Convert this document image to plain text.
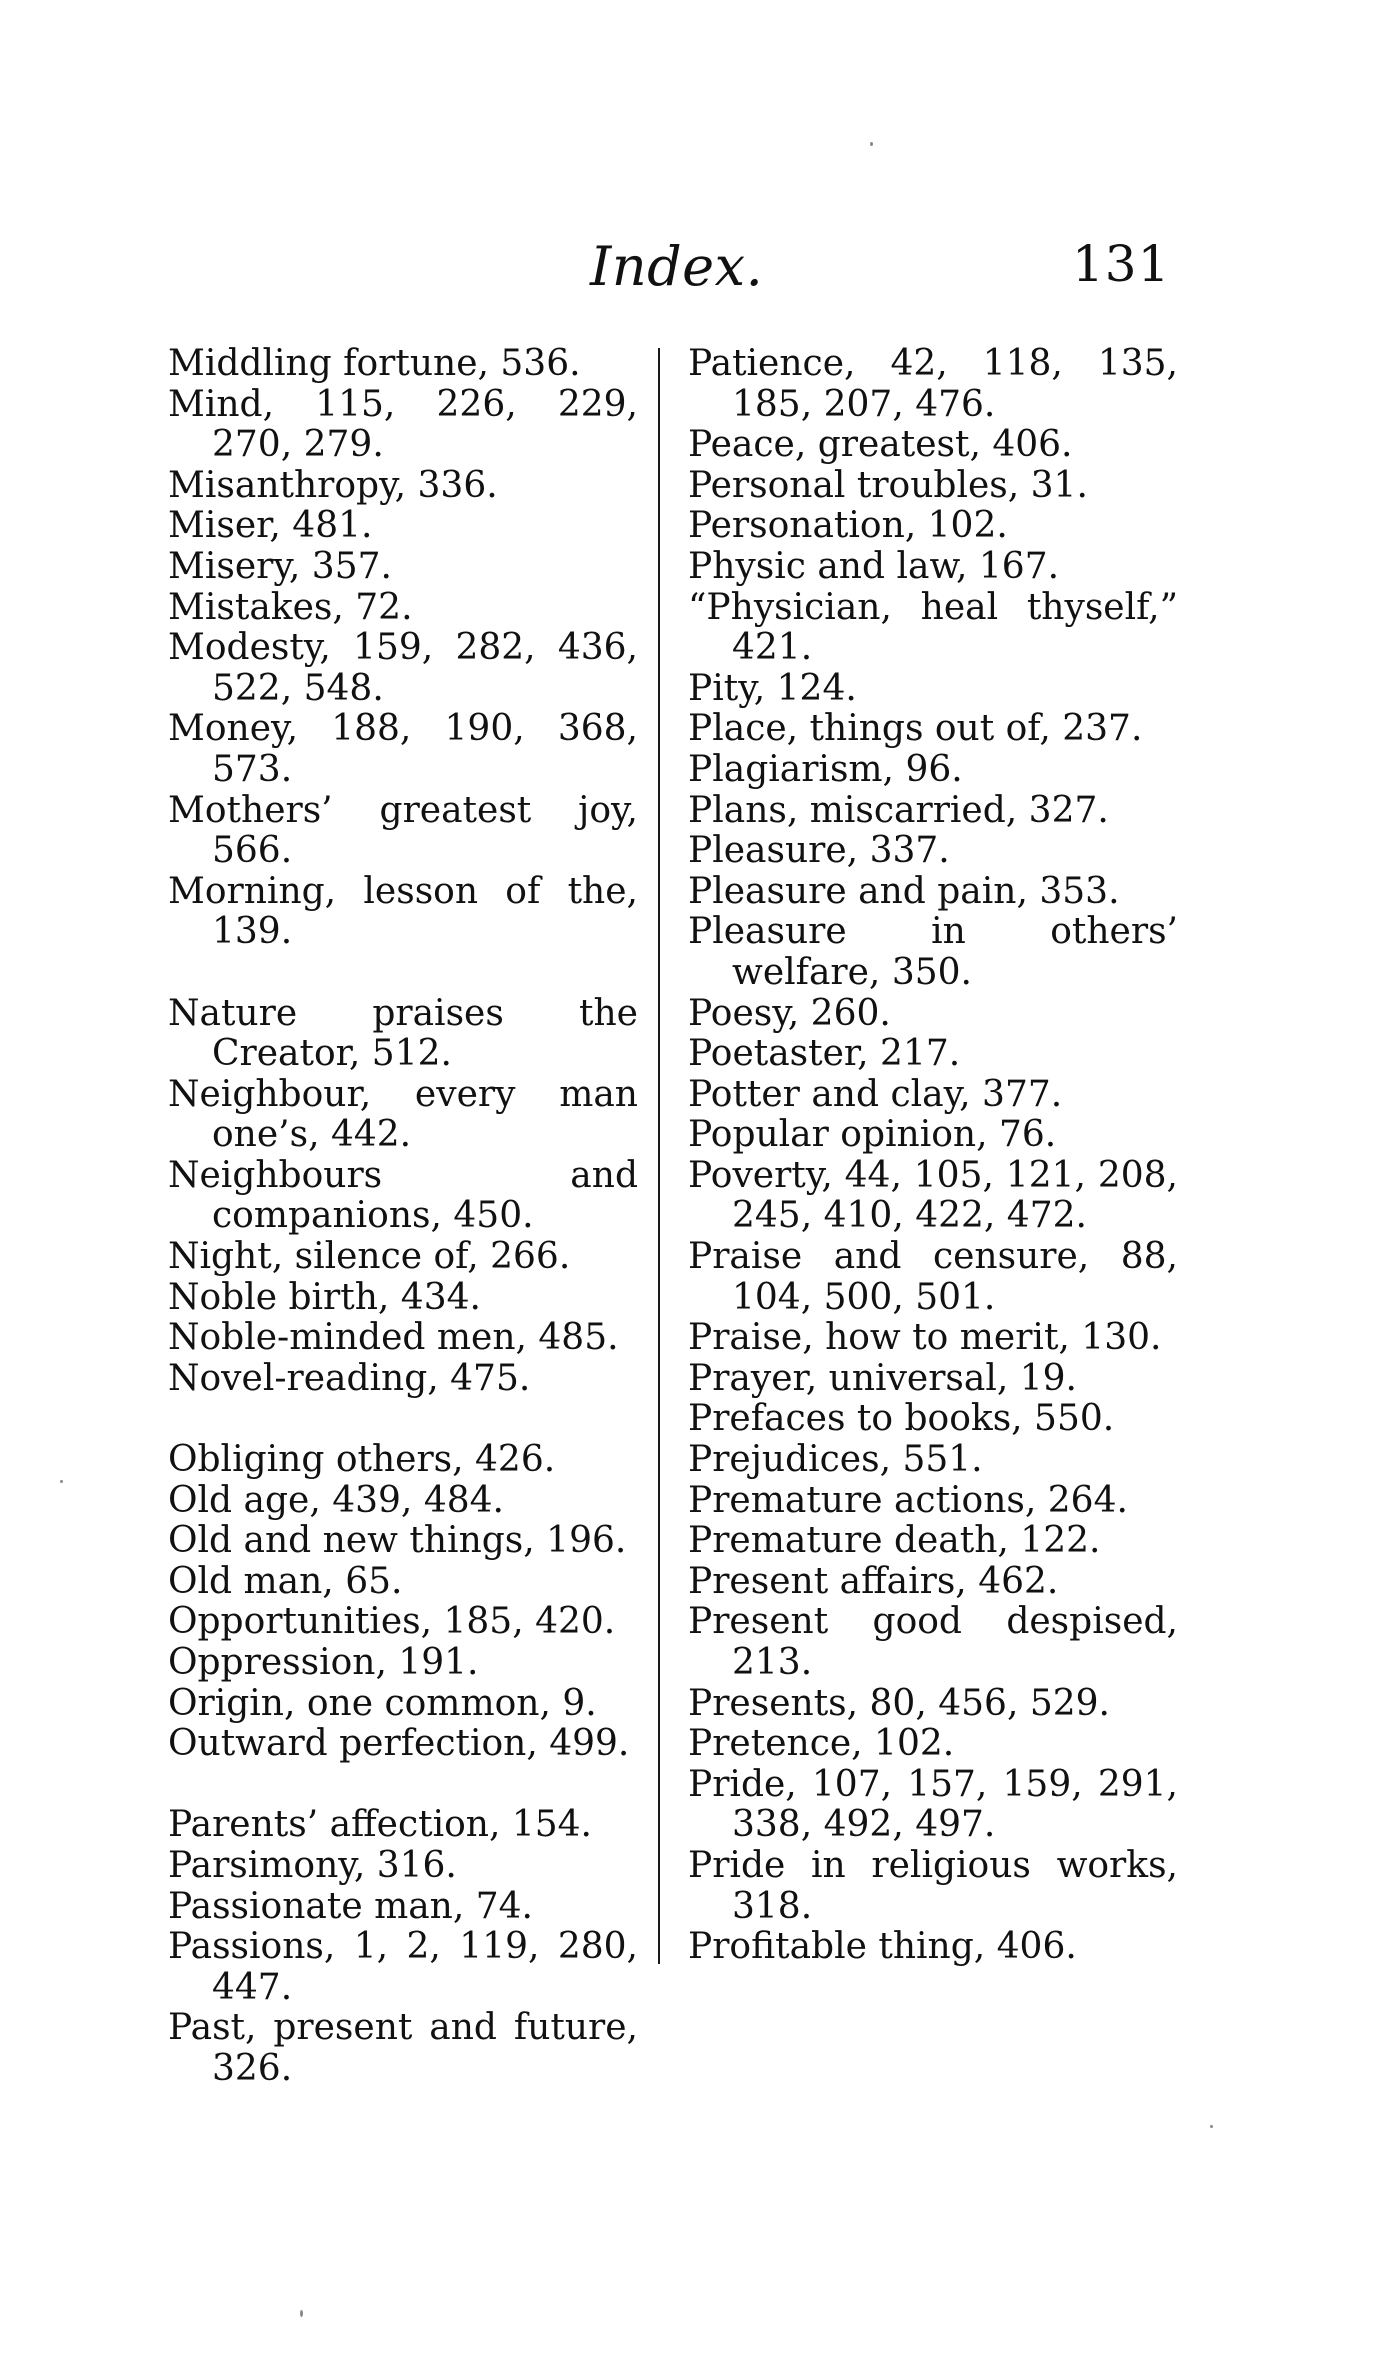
Index.	131
Middling fortune, 536.
Mind, 115, 226, 229, 270, 279.
Misanthropy, 336.
Miser, 481.
Misery, 357.
Mistakes, 72.
Modesty, 159, 282, 436, 522, 548.
Money, 188, 190, 368, 573.
Mothers’ greatest joy, 566.
Morning, lesson of the, 139.
Nature praises the Creator, 512.
Neighbour, every man one’s, 442.
Neighbours and companions, 450.
Night, silence of, 266.
Noble birth, 434.
Noble-minded men, 485.
Novel-reading, 475.
Obliging others, 426.
Old age, 439, 484.
Old and new things, 196.
Old man, 65.
Opportunities, 185, 420.
Oppression, 191.
Origin, one common, 9.
Outward perfection, 499.
Parents’ affection, 154.
Parsimony, 316.
Passionate man, 74.
Passions, 1, 2, 119, 280, 447.
Past, present and future, 326.
Patience, 42, 118, 135, 185, 207, 476.
Peace, greatest, 406.
Personal troubles, 31.
Personation, 102.
Physic and law, 167.
“Physician, heal thyself,” 421.
Pity, 124.
Place, things out of, 237.
Plagiarism, 96.
Plans, miscarried, 327.
Pleasure, 337.
Pleasure and pain, 353.
Pleasure in others’ welfare, 350.
Poesy, 260.
Poetaster, 217.
Potter and clay, 377.
Popular opinion, 76.
Poverty, 44, 105, 121, 208, 245, 410, 422, 472.
Praise and censure, 88, 104, 500, 501.
Praise, how to merit, 130.
Prayer, universal, 19.
Prefaces to books, 550.
Prejudices, 551.
Premature actions, 264.
Premature death, 122.
Present affairs, 462.
Present good despised, 213.
Presents, 80, 456, 529.
Pretence, 102.
Pride, 107, 157, 159, 291, 338, 492, 497.
Pride in religious works, 318.
Profitable thing, 406.
